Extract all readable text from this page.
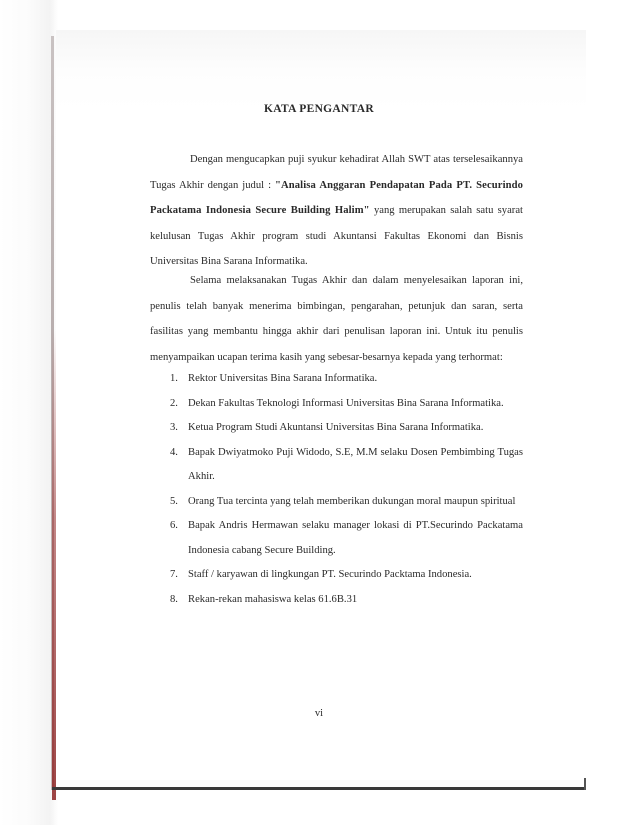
KATA PENGANTAR
Dengan mengucapkan puji syukur kehadirat Allah SWT atas terselesaikannya Tugas Akhir dengan judul : "Analisa Anggaran Pendapatan Pada PT. Securindo Packatama Indonesia Secure Building Halim" yang merupakan salah satu syarat kelulusan Tugas Akhir program studi Akuntansi Fakultas Ekonomi dan Bisnis Universitas Bina Sarana Informatika.
Selama melaksanakan Tugas Akhir dan dalam menyelesaikan laporan ini, penulis telah banyak menerima bimbingan, pengarahan, petunjuk dan saran, serta fasilitas yang membantu hingga akhir dari penulisan laporan ini. Untuk itu penulis menyampaikan ucapan terima kasih yang sebesar-besarnya kepada yang terhormat:
1. Rektor Universitas Bina Sarana Informatika.
2. Dekan Fakultas Teknologi Informasi Universitas Bina Sarana Informatika.
3. Ketua Program Studi Akuntansi Universitas Bina Sarana Informatika.
4. Bapak Dwiyatmoko Puji Widodo, S.E, M.M selaku Dosen Pembimbing Tugas Akhir.
5. Orang Tua tercinta yang telah memberikan dukungan moral maupun spiritual
6. Bapak Andris Hermawan selaku manager lokasi di PT.Securindo Packatama Indonesia cabang Secure Building.
7. Staff / karyawan di lingkungan PT. Securindo Packtama Indonesia.
8. Rekan-rekan mahasiswa kelas 61.6B.31
vi
